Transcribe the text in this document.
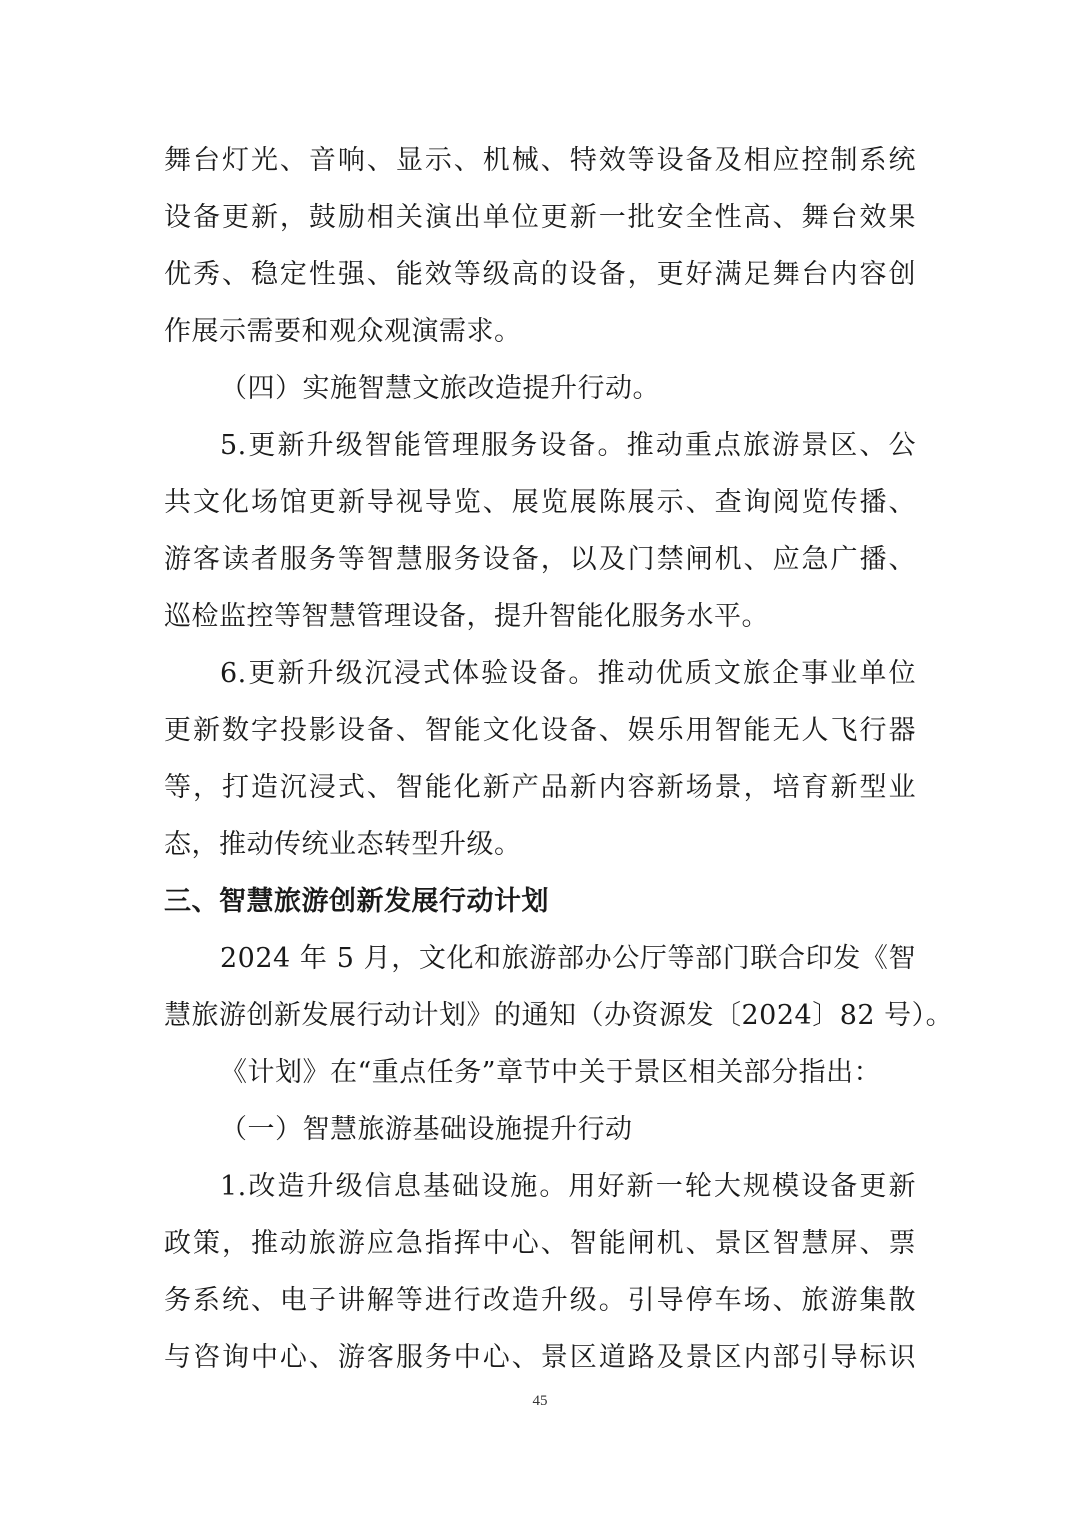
舞台灯光、音响、显示、机械、特效等设备及相应控制系统
设备更新，鼓励相关演出单位更新一批安全性高、舞台效果
优秀、稳定性强、能效等级高的设备，更好满足舞台内容创
作展示需要和观众观演需求。
（四）实施智慧文旅改造提升行动。
5.更新升级智能管理服务设备。推动重点旅游景区、公
共文化场馆更新导视导览、展览展陈展示、查询阅览传播、
游客读者服务等智慧服务设备，以及门禁闸机、应急广播、
巡检监控等智慧管理设备，提升智能化服务水平。
6.更新升级沉浸式体验设备。推动优质文旅企事业单位
更新数字投影设备、智能文化设备、娱乐用智能无人飞行器
等，打造沉浸式、智能化新产品新内容新场景，培育新型业
态，推动传统业态转型升级。
三、智慧旅游创新发展行动计划
2024 年 5 月，文化和旅游部办公厅等部门联合印发《智
慧旅游创新发展行动计划》的通知（办资源发〔2024〕82 号）。
《计划》在“重点任务”章节中关于景区相关部分指出：
（一）智慧旅游基础设施提升行动
1.改造升级信息基础设施。用好新一轮大规模设备更新
政策，推动旅游应急指挥中心、智能闸机、景区智慧屏、票
务系统、电子讲解等进行改造升级。引导停车场、旅游集散
与咨询中心、游客服务中心、景区道路及景区内部引导标识
45
